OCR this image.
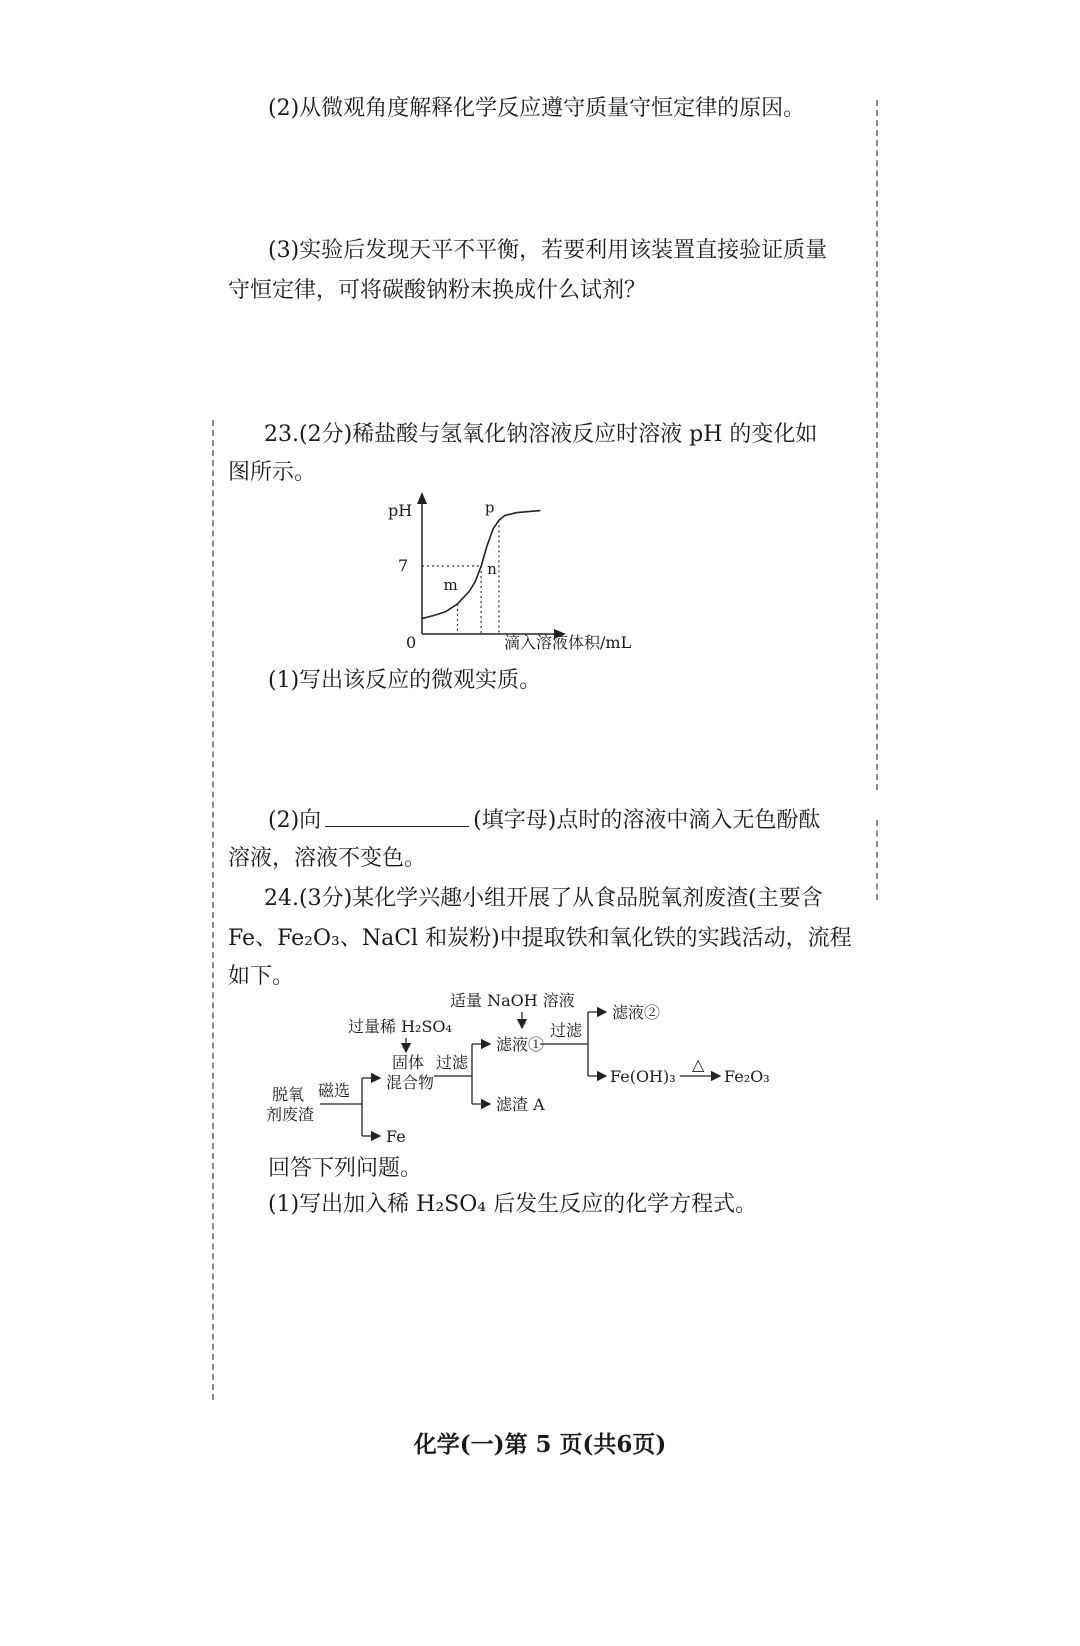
(2)从微观角度解释化学反应遵守质量守恒定律的原因。
(3)实验后发现天平不平衡，若要利用该装置直接验证质量
守恒定律，可将碳酸钠粉末换成什么试剂？
23.(2分)稀盐酸与氢氧化钠溶液反应时溶液 pH 的变化如
图所示。
pH
0	滴入溶液体积/mL
7
m
n
p
(1)写出该反应的微观实质。
(2)向	(填字母)点时的溶液中滴入无色酚酞
溶液，溶液不变色。
24.(3分)某化学兴趣小组开展了从食品脱氧剂废渣(主要含
Fe、Fe₂O₃、NaCl 和炭粉)中提取铁和氧化铁的实践活动，流程
如下。
脱氧
剂废渣
磁选
Fe
过量稀 H₂SO₄
固体
混合物
过滤
滤渣 A
滤液①
适量 NaOH 溶液
过滤
滤液②
Fe(OH)₃
△
Fe₂O₃
回答下列问题。
(1)写出加入稀 H₂SO₄ 后发生反应的化学方程式。
化学(一)第 5 页(共6页)
